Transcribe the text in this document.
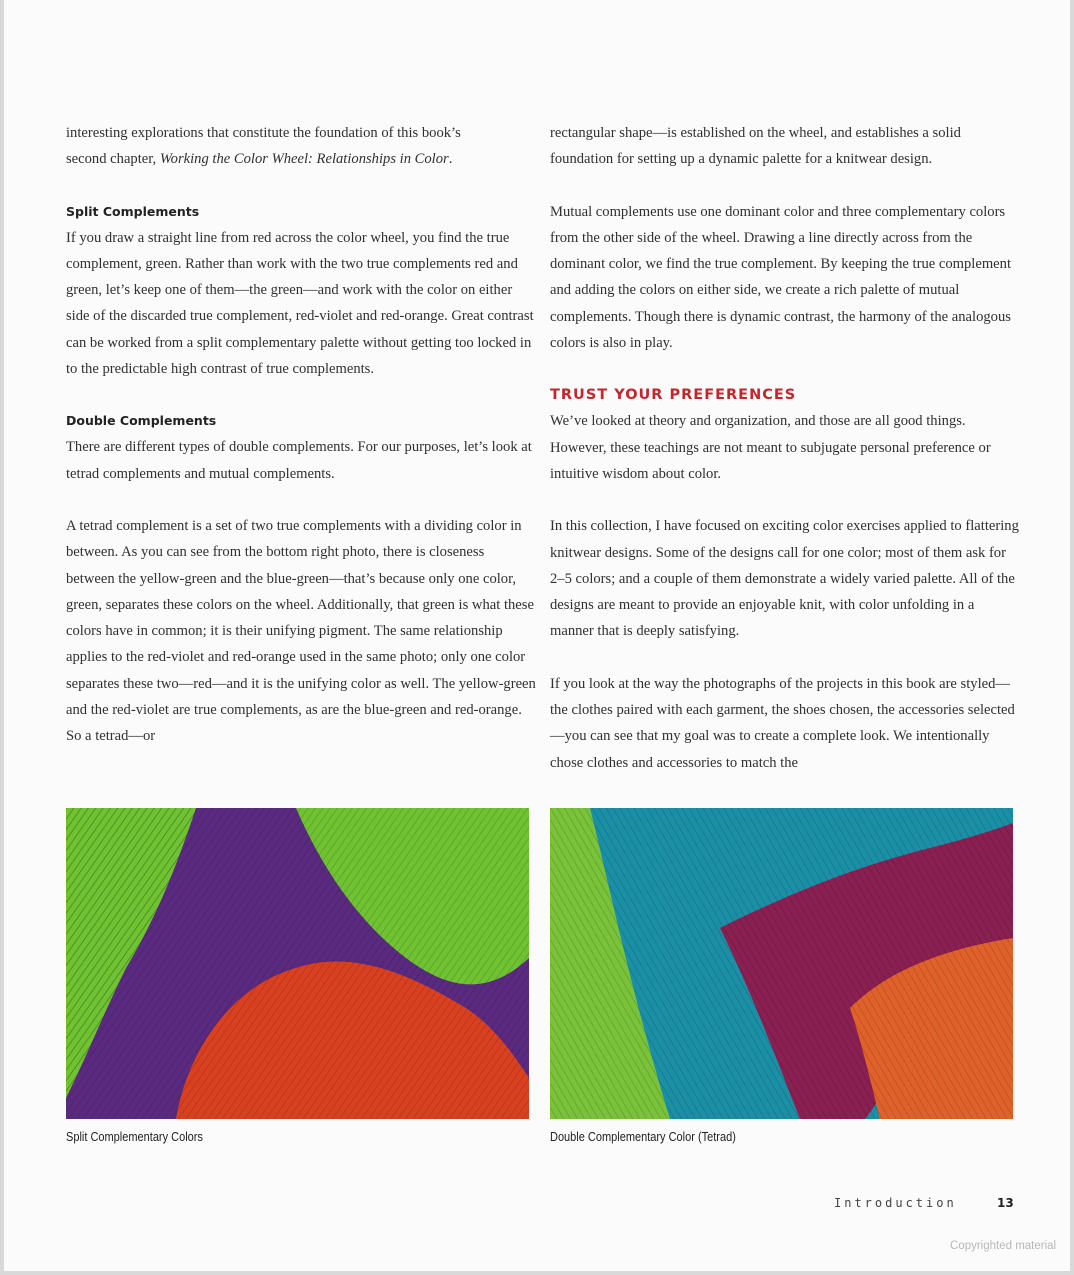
interesting explorations that constitute the foundation of this book’s
second chapter, Working the Color Wheel: Relationships in Color.

Split Complements

If you draw a straight line from red across the color wheel, you find the true complement, green. Rather than work with the two true complements red and green, let’s keep one of them—the green—and work with the color on either side of the discarded true complement, red-violet and red-orange. Great contrast can be worked from a split complementary palette without getting too locked in to the predictable high contrast of true complements.

Double Complements

There are different types of double complements. For our purposes, let’s look at tetrad complements and mutual complements.

A tetrad complement is a set of two true complements with a dividing color in between. As you can see from the bottom right photo, there is closeness between the yellow-green and the blue-green—that’s because only one color, green, separates these colors on the wheel. Additionally, that green is what these colors have in common; it is their unifying pigment. The same relationship applies to the red-violet and red-orange used in the same photo; only one color separates these two—red—and it is the unifying color as well. The yellow-green and the red-violet are true complements, as are the blue-green and red-orange. So a tetrad—or

rectangular shape—is established on the wheel, and establishes a solid foundation for setting up a dynamic palette for a knitwear design.

Mutual complements use one dominant color and three complementary colors from the other side of the wheel. Drawing a line directly across from the dominant color, we find the true complement. By keeping the true complement and adding the colors on either side, we create a rich palette of mutual complements. Though there is dynamic contrast, the harmony of the analogous colors is also in play.

TRUST YOUR PREFERENCES

We’ve looked at theory and organization, and those are all good things. However, these teachings are not meant to subjugate personal preference or intuitive wisdom about color.

In this collection, I have focused on exciting color exercises applied to flattering knitwear designs. Some of the designs call for one color; most of them ask for 2–5 colors; and a couple of them demonstrate a widely varied palette. All of the designs are meant to provide an enjoyable knit, with color unfolding in a manner that is deeply satisfying.

If you look at the way the photographs of the projects in this book are styled—the clothes paired with each garment, the shoes chosen, the accessories selected—you can see that my goal was to create a complete look. We intentionally chose clothes and accessories to match the

Split Complementary Colors	Double Complementary Color (Tetrad)
Introduction	13
Copyrighted material
